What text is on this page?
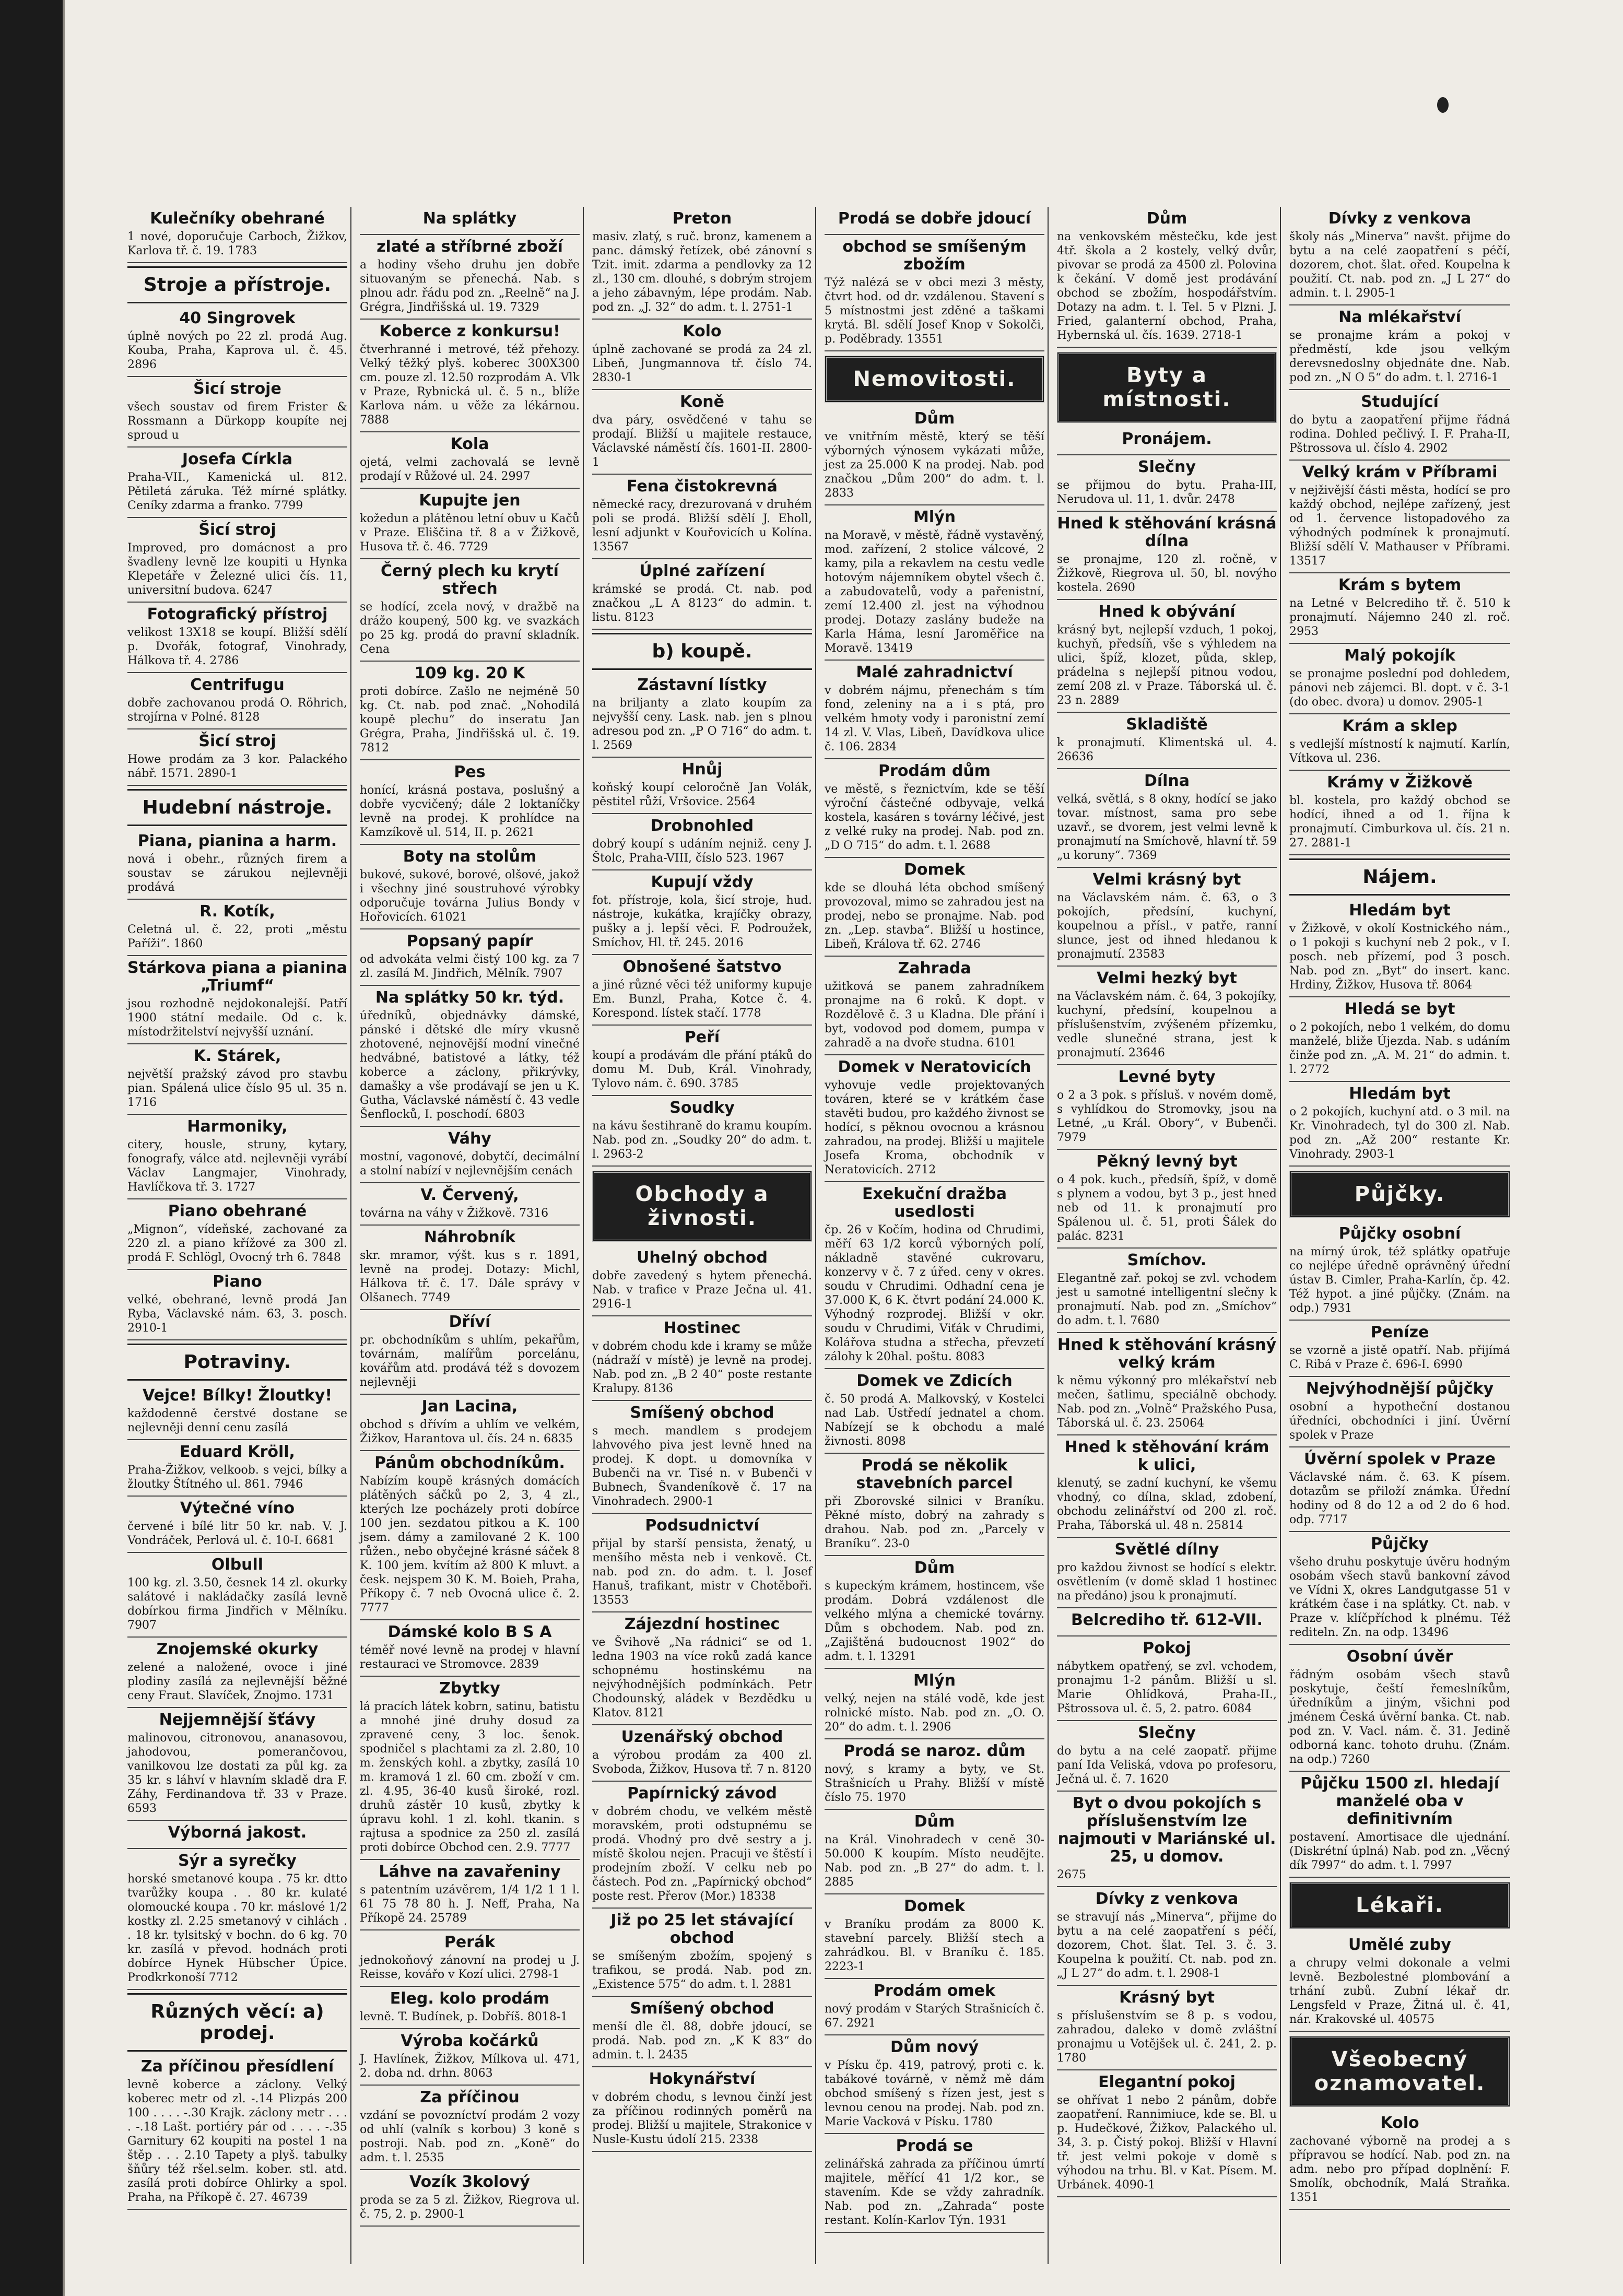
Kulečníky obehrané
1 nové, doporučuje Carboch, Žižkov, Karlova tř. č. 19. 1783
Stroje a přístroje.
40 Singrovek
úplně nových po 22 zl. prodá Aug. Kouba, Praha, Kaprova ul. č. 45. 2896
Šicí stroje
všech soustav od firem Frister & Rossmann a Dürkopp koupíte nej sproud u
Josefa Církla
Praha-VII., Kamenická ul. 812. Pětiletá záruka. Též mírné splátky. Ceníky zdarma a franko. 7799
Šicí stroj
Improved, pro domácnost a pro švadleny levně lze koupiti u Hynka Klepetáře v Železné ulici čís. 11, universitní budova. 6247
Fotografický přístroj
velikost 13X18 se koupí. Bližší sdělí p. Dvořák, fotograf, Vinohrady, Hálkova tř. 4. 2786
Centrifugu
dobře zachovanou prodá O. Röhrich, strojírna v Polné. 8128
Šicí stroj
Howe prodám za 3 kor. Palackého nábř. 1571. 2890-1
Hudební nástroje.
Piana, pianina a harm.
nová i obehr., různých firem a soustav se zárukou nejlevněji prodává
R. Kotík,
Celetná ul. č. 22, proti „městu Paříži“. 1860
Stárkova piana a pianina „Triumf“
jsou rozhodně nejdokonalejší. Patří 1900 státní medaile. Od c. k. místodržitelství nejvyšší uznání.
K. Stárek,
největší pražský závod pro stavbu pian. Spálená ulice číslo 95 ul. 35 n. 1716
Harmoniky,
citery, housle, struny, kytary, fonografy, válce atd. nejlevněji vyrábí Václav Langmajer, Vinohrady, Havlíčkova tř. 3. 1727
Piano obehrané
„Mignon“, vídeňské, zachované za 220 zl. a piano křížové za 300 zl. prodá F. Schlögl, Ovocný trh 6. 7848
Piano
velké, obehrané, levně prodá Jan Ryba, Václavské nám. 63, 3. posch. 2910-1
Potraviny.
Vejce! Bílky! Žloutky!
každodenně čerstvé dostane se nejlevněji denní cenu zasílá
Eduard Kröll,
Praha-Žižkov, velkoob. s vejci, bílky a žloutky Štítného ul. 861. 7946
Výtečné víno
červené i bílé litr 50 kr. nab. V. J. Vondráček, Perlová ul. č. 10-I. 6681
Olbull
100 kg. zl. 3.50, česnek 14 zl. okurky salátové i nakládačky zasílá levně dobírkou firma Jindřich v Mělníku. 7907
Znojemské okurky
zelené a naložené, ovoce i jiné plodiny zasílá za nejlevnější běžné ceny Fraut. Slavíček, Znojmo. 1731
Nejjemnější šťávy
malinovou, citronovou, ananasovou, jahodovou, pomerančovou, vanilkovou lze dostati za půl kg. za 35 kr. s láhví v hlavním skladě dra F. Záhy, Ferdinandova tř. 33 v Praze. 6593
Výborná jakost.
Sýr a syrečky
horské smetanové koupa . 75 kr. dtto tvarůžky koupa . . 80 kr. kulaté olomoucké koupa . 70 kr. máslové 1/2 kostky zl. 2.25 smetanový v cihlách . . 18 kr. tylsitský v bochn. do 6 kg. 70 kr. zasílá v převod. hodnách proti dobírce Hynek Hübscher Úpice. Prodkrkonoší 7712
Různých věcí: a) prodej.
Za příčinou přesídlení
levně koberce a záclony. Velký koberec metr od zl. -.14 Plizpás 200 100 . . . . -.30 Krajk. záclony metr . . . . -.18 Lašt. portiéry pár od . . . . -.35 Garnitury 62 koupiti na postel 1 na štěp . . . 2.10 Tapety a plyš. tabulky šňůry též ršel.selm. kober. stl. atd. zasílá proti dobírce Ohlirky a spol. Praha, na Příkopě č. 27. 46739
Na splátky
zlaté a stříbrné zboží
a hodiny všeho druhu jen dobře situovaným se přenechá. Nab. s plnou adr. řádu pod zn. „Reelně“ na J. Grégra, Jindřišská ul. 19. 7329
Koberce z konkursu!
čtverhranné i metrové, též přehozy. Velký těžký plyš. koberec 300X300 cm. pouze zl. 12.50 rozprodám A. Vlk v Praze, Rybnická ul. č. 5 n., blíže Karlova nám. u věže za lékárnou. 7888
Kola
ojetá, velmi zachovalá se levně prodají v Růžové ul. 24. 2997
Kupujte jen
kožedun a plátěnou letní obuv u Kačů v Praze. Eliščina tř. 8 a v Žižkově, Husova tř. č. 46. 7729
Černý plech ku krytí střech
se hodící, zcela nový, v dražbě na drážo koupený, 500 kg. ve svazkách po 25 kg. prodá do pravní skladník. Cena
109 kg. 20 K
proti dobírce. Zašlo ne nejméně 50 kg. Ct. nab. pod znač. „Nohodilá koupě plechu“ do inseratu Jan Grégra, Praha, Jindřišská ul. č. 19. 7812
Pes
honící, krásná postava, poslušný a dobře vycvičený; dále 2 loktaníčky levně na prodej. K prohlídce na Kamzíkově ul. 514, II. p. 2621
Boty na stolům
bukové, sukové, borové, olšové, jakož i všechny jiné soustruhové výrobky odporučuje továrna Julius Bondy v Hořovicích. 61021
Popsaný papír
od advokáta velmi čistý 100 kg. za 7 zl. zasílá M. Jindřich, Mělník. 7907
Na splátky 50 kr. týd.
úředníků, objednávky dámské, pánské i dětské dle míry vkusně zhotovené, nejnovější modní vinečné hedvábné, batistové a látky, též koberce a záclony, přikrývky, damašky a vše prodávají se jen u K. Gutha, Václavské náměstí č. 43 vedle Šenflocků, I. poschodí. 6803
Váhy
mostní, vagonové, dobytčí, decimální a stolní nabízí v nejlevnějším cenách
V. Červený,
továrna na váhy v Žižkově. 7316
Náhrobník
skr. mramor, výšt. kus s r. 1891, levně na prodej. Dotazy: Michl, Hálkova tř. č. 17. Dále správy v Olšanech. 7749
Dříví
pr. obchodníkům s uhlím, pekařům, továrnám, malířům porcelánu, kovářům atd. prodává též s dovozem nejlevněji
Jan Lacina,
obchod s dřívím a uhlím ve velkém, Žižkov, Harantova ul. čís. 24 n. 6835
Pánům obchodníkům.
Nabízím koupě krásných domácích plátěných sáčků po 2, 3, 4 zl., kterých lze pocházely proti dobírce 100 jen. sezdatou pitkou a K. 100 jsem. dámy a zamilované 2 K. 100 růžen., nebo obyčejné krásné sáček 8 K. 100 jem. kvítím až 800 K mluvt. a česk. nejspem 30 K. M. Boieh, Praha, Příkopy č. 7 neb Ovocná ulice č. 2. 7777
Dámské kolo B S A
téměř nové levně na prodej v hlavní restauraci ve Stromovce. 2839
Zbytky
lá pracích látek kobrn, satinu, batistu a mnohé jiné druhy dosud za zpravené ceny, 3 loc. šenok. spodničel s plachtami za zl. 2.80, 10 m. ženských kohl. a zbytky, zasílá 10 m. kramová 1 zl. 60 cm. zboží v cm. zl. 4.95, 36-40 kusů široké, rozl. druhů zástěr 10 kusů, zbytky k úpravu kohl. 1 zl. kohl. tkanin. s rajtusa a spodnice za 250 zl. zasílá proti dobírce Obchod cen. 2.9. 7777
Láhve na zavařeniny
s patentním uzávěrem, 1/4 1/2 1 1 l. 61 75 78 80 h. J. Neff, Praha, Na Příkopě 24. 25789
Perák
jednokoňový zánovní na prodej u J. Reisse, kovářo v Kozí ulici. 2798-1
Eleg. kolo prodám
levně. T. Budínek, p. Dobříš. 8018-1
Výroba kočárků
J. Havlínek, Žižkov, Mílkova ul. 471, 2. doba nd. drhn. 8063
Za příčinou
vzdání se povozníctví prodám 2 vozy od uhlí (valník s korbou) 3 koně s postroji. Nab. pod zn. „Koně“ do adm. t. l. 2535
Vozík 3kolový
proda se za 5 zl. Žižkov, Riegrova ul. č. 75, 2. p. 2900-1
Preton
masiv. zlatý, s ruč. bronz, kamenem a panc. dámský řetízek, obé zánovní s Tzit. imit. zdarma a pendlovky za 12 zl., 130 cm. dlouhé, s dobrým strojem a jeho zábavným, lépe prodám. Nab. pod zn. „J. 32“ do adm. t. l. 2751-1
Kolo
úplně zachované se prodá za 24 zl. Libeň, Jungmannova tř. číslo 74. 2830-1
Koně
dva páry, osvědčené v tahu se prodají. Bližší u majitele restauce, Václavské náměstí čís. 1601-II. 2800-1
Fena čistokrevná
německé racy, drezurovaná v druhém poli se prodá. Bližší sdělí J. Eholl, lesní adjunkt v Kouřovicích u Kolína. 13567
Úplné zařízení
krámské se prodá. Ct. nab. pod značkou „L A 8123“ do admin. t. listu. 8123
b) koupě.
Zástavní lístky
na briljanty a zlato koupím za nejvyšší ceny. Lask. nab. jen s plnou adresou pod zn. „P O 716“ do adm. t. l. 2569
Hnůj
koňský koupí celoročně Jan Volák, pěstitel růží, Vršovice. 2564
Drobnohled
dobrý koupí s udáním nejniž. ceny J. Štolc, Praha-VIII, číslo 523. 1967
Kupují vždy
fot. přístroje, kola, šicí stroje, hud. nástroje, kukátka, krajíčky obrazy, pušky a j. lepší věci. F. Podroužek, Smíchov, Hl. tř. 245. 2016
Obnošené šatstvo
a jiné různé věci též uniformy kupuje Em. Bunzl, Praha, Kotce č. 4. Korespond. lístek stačí. 1778
Peří
koupí a prodávám dle přání ptáků do domu M. Dub, Král. Vinohrady, Tylovo nám. č. 690. 3785
Soudky
na kávu šestihraně do kramu koupím. Nab. pod zn. „Soudky 20“ do adm. t. l. 2963-2
Obchody a živnosti.
Uhelný obchod
dobře zavedený s hytem přenechá. Nab. v trafice v Praze Ječna ul. 41. 2916-1
Hostinec
v dobrém chodu kde i kramy se může (nádraží v místě) je levně na prodej. Nab. pod zn. „B 2 40“ poste restante Kralupy. 8136
Smíšený obchod
s mech. mandlem s prodejem lahvového piva jest levně hned na prodej. K dopt. u domovníka v Bubenči na vr. Tisé n. v Bubenči v Bubnech, Švandeníkově č. 17 na Vinohradech. 2900-1
Podsudnictví
přijal by starší pensista, ženatý, u menšího města neb i venkově. Ct. nab. pod zn. do adm. t. l. Josef Hanuš, trafikant, mistr v Chotěboři. 13553
Zájezdní hostinec
ve Švihově „Na rádnici“ se od 1. ledna 1903 na více roků zadá kance schopnému hostinskému na nejvýhodnějších podmínkách. Petr Chodounský, aládek v Bezdědku u Klatov. 8121
Uzenářský obchod
a výrobou prodám za 400 zl. Svoboda, Žižkov, Husova tř. 7 n. 8120
Papírnický závod
v dobrém chodu, ve velkém městě moravském, proti odstupnému se prodá. Vhodný pro dvě sestry a j. místě školou nejen. Pracuji ve štěstí i prodejním zboží. V celku neb po částech. Pod zn. „Papírnický obchod“ poste rest. Přerov (Mor.) 18338
Již po 25 let stávající obchod
se smíšeným zbožím, spojený s trafikou, se prodá. Nab. pod zn. „Existence 575“ do adm. t. l. 2881
Smíšený obchod
menší dle čl. 88, dobře jdoucí, se prodá. Nab. pod zn. „K K 83“ do admin. t. l. 2435
Hokynářství
v dobrém chodu, s levnou činží jest za příčinou rodinných poměrů na prodej. Bližší u majitele, Strakonice v Nusle-Kustu údolí 215. 2338
Prodá se dobře jdoucí
obchod se smíšeným zbožím
Týž nalézá se v obci mezi 3 městy, čtvrt hod. od dr. vzdálenou. Stavení s 5 místnostmi jest zděné a taškami krytá. Bl. sdělí Josef Knop v Sokolči, p. Poděbrady. 13551
Nemovitosti.
Dům
ve vnitřním městě, který se těší výborných výnosem vykázati může, jest za 25.000 K na prodej. Nab. pod značkou „Dům 200“ do adm. t. l. 2833
Mlýn
na Moravě, v městě, řádně vystavěný, mod. zařízení, 2 stolice válcové, 2 kamy, pila a rekavlem na cestu vedle hotovým nájemníkem obytel všech č. a zabudovatelů, vody a pařenistní, zemí 12.400 zl. jest na výhodnou prodej. Dotazy zaslány budeže na Karla Háma, lesní Jaroměřice na Moravě. 13419
Malé zahradnictví
v dobrém nájmu, přenechám s tím fond, zeleniny na a i s ptá, pro velkém hmoty vody i paronistní zemí 14 zl. V. Vlas, Libeň, Davídkova ulice č. 106. 2834
Prodám dům
ve městě, s řeznictvím, kde se těší výroční částečné odbyvaje, velká kostela, kasáren s továrny léčivé, jest z velké ruky na prodej. Nab. pod zn. „D O 715“ do adm. t. l. 2688
Domek
kde se dlouhá léta obchod smíšený provozoval, mimo se zahradou jest na prodej, nebo se pronajme. Nab. pod zn. „Lep. stavba“. Bližší u hostince, Libeň, Králova tř. 62. 2746
Zahrada
užitková se panem zahradníkem pronajme na 6 roků. K dopt. v Rozdělově č. 3 u Kladna. Dle přání i byt, vodovod pod domem, pumpa v zahradě a na dvoře studna. 6101
Domek v Neratovicích
vyhovuje vedle projektovaných továren, které se v krátkém čase stavěti budou, pro každého živnost se hodící, s pěknou ovocnou a krásnou zahradou, na prodej. Bližší u majitele Josefa Kroma, obchodník v Neratovicích. 2712
Exekuční dražba usedlosti
čp. 26 v Kočím, hodina od Chrudimi, měří 63 1/2 korců výborných polí, nákladně stavěné cukrovaru, konzervy v č. 7 z úřed. ceny v okres. soudu v Chrudimi. Odhadní cena je 37.000 K, 6 K. čtvrt podání 24.000 K. Výhodný rozprodej. Bližší v okr. soudu v Chrudimi, Viťák v Chrudimi, Kolářova studna a střecha, převzetí zálohy k 20hal. poštu. 8083
Domek ve Zdicích
č. 50 prodá A. Malkovský, v Kostelci nad Lab. Ústředí jednatel a chom. Nabízejí se k obchodu a malé živnosti. 8098
Prodá se několik stavebních parcel
při Zborovské silnici v Braníku. Pěkné místo, dobrý na zahrady s drahou. Nab. pod zn. „Parcely v Braníku“. 23-0
Dům
s kupeckým krámem, hostincem, vše prodám. Dobrá vzdálenost dle velkého mlýna a chemické továrny. Dům s obchodem. Nab. pod zn. „Zajištěná budoucnost 1902“ do adm. t. l. 13291
Mlýn
velký, nejen na stálé vodě, kde jest rolnické místo. Nab. pod zn. „O. O. 20“ do adm. t. l. 2906
Prodá se naroz. dům
nový, s kramy a byty, ve St. Strašnicích u Prahy. Bližší v místě číslo 75. 1970
Dům
na Král. Vinohradech v ceně 30-50.000 K koupím. Místo neudějte. Nab. pod zn. „B 27“ do adm. t. l. 2885
Domek
v Braníku prodám za 8000 K. stavební parcely. Bližší stech a zahrádkou. Bl. v Braníku č. 185. 2223-1
Prodám omek
nový prodám v Starých Strašnicích č. 67. 2921
Dům nový
v Písku čp. 419, patrový, proti c. k. tabákové továrně, v němž mě dám obchod smíšený s řízen jest, jest s levnou cenou na prodej. Nab. pod zn. Marie Vacková v Písku. 1780
Prodá se
zelinářská zahrada za příčinou úmrtí majitele, měřící 41 1/2 kor., se stavením. Kde se vždy zahradník. Nab. pod zn. „Zahrada“ poste restant. Kolín-Karlov Týn. 1931
Dům
na venkovském městečku, kde jest 4tř. škola a 2 kostely, velký dvůr, pivovar se prodá za 4500 zl. Polovina k čekání. V domě jest prodávání obchod se zbožím, hospodářstvím. Dotazy na adm. t. l. Tel. 5 v Plzni. J. Fried, galanterní obchod, Praha, Hybernská ul. čís. 1639. 2718-1
Byty a místnosti.
Pronájem.
Slečny
se přijmou do bytu. Praha-III, Nerudova ul. 11, 1. dvůr. 2478
Hned k stěhování krásná dílna
se pronajme, 120 zl. ročně, v Žižkově, Riegrova ul. 50, bl. novýho kostela. 2690
Hned k obývání
krásný byt, nejlepší vzduch, 1 pokoj, kuchyň, předsíň, vše s výhledem na ulici, špíž, klozet, půda, sklep, prádelna s nejlepší pitnou vodou, zemí 208 zl. v Praze. Táborská ul. č. 23 n. 2889
Skladiště
k pronajmutí. Klimentská ul. 4. 26636
Dílna
velká, světlá, s 8 okny, hodící se jako tovar. místnost, sama pro sebe uzavř., se dvorem, jest velmi levně k pronajmutí na Smíchově, hlavní tř. 59 „u koruny“. 7369
Velmi krásný byt
na Václavském nám. č. 63, o 3 pokojích, předsíní, kuchyní, koupelnou a přísl., v patře, ranní slunce, jest od ihned hledanou k pronajmutí. 23583
Velmi hezký byt
na Václavském nám. č. 64, 3 pokojíky, kuchyní, předsíní, koupelnou a příslušenstvím, zvýšeném přízemku, vedle slunečné strana, jest k pronajmutí. 23646
Levné byty
o 2 a 3 pok. s přísluš. v novém domě, s vyhlídkou do Stromovky, jsou na Letné, „u Král. Obory“, v Bubenči. 7979
Pěkný levný byt
o 4 pok. kuch., předsíň, špíž, v domě s plynem a vodou, byt 3 p., jest hned neb od 11. k pronajmutí pro Spálenou ul. č. 51, proti Šálek do palác. 8231
Smíchov.
Elegantně zař. pokoj se zvl. vchodem jest u samotné intelligentní slečny k pronajmutí. Nab. pod zn. „Smíchov“ do adm. t. l. 7680
Hned k stěhování krásný velký krám
k němu výkonný pro mlékařství neb mečen, šatlimu, speciálně obchody. Nab. pod zn. „Volně“ Pražského Pusa, Táborská ul. č. 23. 25064
Hned k stěhování krám k ulici,
klenutý, se zadní kuchyní, ke všemu vhodný, co dílna, sklad, zdobení, obchodu zelinářství od 200 zl. roč. Praha, Táborská ul. 48 n. 25814
Světlé dílny
pro každou živnost se hodící s elektr. osvětlením (v domě sklad 1 hostinec na předáno) jsou k pronajmutí.
Belcrediho tř. 612-VII.
Pokoj
nábytkem opatřený, se zvl. vchodem, pronajmu 1-2 pánům. Bližší u sl. Marie Ohlídková, Praha-II., Pštrossova ul. č. 5, 2. patro. 6084
Slečny
do bytu a na celé zaopatř. přijme paní Ida Veliská, vdova po profesoru, Ječná ul. č. 7. 1620
Byt o dvou pokojích s příslušenstvím lze najmouti v Mariánské ul. 25, u domov.
2675
Dívky z venkova
se stravují nás „Minerva“, přijme do bytu a na celé zaopatření s péčí, dozorem, Chot. šlat. Tel. 3. č. 3. Koupelna k použití. Ct. nab. pod zn. „J L 27“ do adm. t. l. 2908-1
Krásný byt
s příslušenstvím se 8 p. s vodou, zahradou, daleko v domě zvláštní pronajmu u Votějšek ul. č. 241, 2. p. 1780
Elegantní pokoj
se ohřívat 1 nebo 2 pánům, dobře zaopatření. Rannimiuce, kde se. Bl. u p. Hudečkové, Žižkov, Palackého ul. 34, 3. p. Čistý pokoj. Bližší v Hlavní tř. jest velmi pokoje v domě s výhodou na trhu. Bl. v Kat. Písem. M. Urbánek. 4090-1
Dívky z venkova
školy nás „Minerva“ navšt. přijme do bytu a na celé zaopatření s péčí, dozorem, chot. šlat. ořed. Koupelna k použití. Ct. nab. pod zn. „J L 27“ do admin. t. l. 2905-1
Na mlékařství
se pronajme krám a pokoj v předměstí, kde jsou velkým derevsnedoslny objednáte dne. Nab. pod zn. „N O 5“ do adm. t. l. 2716-1
Studující
do bytu a zaopatření přijme řádná rodina. Dohled pečlivý. I. F. Praha-II, Pštrossova ul. číslo 4. 2902
Velký krám v Příbrami
v nejživější části města, hodící se pro každý obchod, nejlépe zařízený, jest od 1. července listopadového za výhodných podmínek k pronajmutí. Bližší sdělí V. Mathauser v Příbrami. 13517
Krám s bytem
na Letné v Belcrediho tř. č. 510 k pronajmutí. Nájemno 240 zl. roč. 2953
Malý pokojík
se pronajme poslední pod dohledem, pánovi neb zájemci. Bl. dopt. v č. 3-1 (do obec. dvora) u domov. 2905-1
Krám a sklep
s vedlejší místností k najmutí. Karlín, Vítkova ul. 236.
Krámy v Žižkově
bl. kostela, pro každý obchod se hodící, ihned a od 1. října k pronajmutí. Cimburkova ul. čís. 21 n. 27. 2881-1
Nájem.
Hledám byt
v Žižkově, v okolí Kostnického nám., o 1 pokoji s kuchyní neb 2 pok., v I. posch. neb přízemí, pod 3 posch. Nab. pod zn. „Byt“ do insert. kanc. Hrdiny, Žižkov, Husova tř. 8064
Hledá se byt
o 2 pokojích, nebo 1 velkém, do domu manželé, bliže Újezda. Nab. s udáním činže pod zn. „A. M. 21“ do admin. t. l. 2772
Hledám byt
o 2 pokojích, kuchyní atd. o 3 mil. na Kr. Vinohradech, tyl do 300 zl. Nab. pod zn. „Až 200“ restante Kr. Vinohrady. 2903-1
Půjčky.
Půjčky osobní
na mírný úrok, též splátky opatřuje co nejlépe úředně oprávněný úřední ústav B. Cimler, Praha-Karlín, čp. 42. Též hypot. a jiné půjčky. (Znám. na odp.) 7931
Peníze
se vzorně a jistě opatří. Nab. přijímá C. Ribá v Praze č. 696-I. 6990
Nejvýhodnější půjčky
osobní a hypotheční dostanou úředníci, obchodníci i jiní. Úvěrní spolek v Praze
Úvěrní spolek v Praze
Václavské nám. č. 63. K písem. dotazům se přiloží známka. Úřední hodiny od 8 do 12 a od 2 do 6 hod. odp. 7717
Půjčky
všeho druhu poskytuje úvěru hodným osobám všech stavů bankovní závod ve Vídni X, okres Landgutgasse 51 v krátkém čase i na splátky. Ct. nab. v Praze v. klíčpříchod k plnému. Též rediteln. Zn. na odp. 13496
Osobní úvěr
řádným osobám všech stavů poskytuje, čeští řemeslníkům, úředníkům a jiným, všichni pod jménem Česká úvěrní banka. Ct. nab. pod zn. V. Vacl. nám. č. 31. Jedině odborná kanc. tohoto druhu. (Znám. na odp.) 7260
Půjčku 1500 zl. hledají manželé oba v definitivním
postavení. Amortisace dle ujednání. (Diskrétní úplná) Nab. pod zn. „Věcný dík 7997“ do adm. t. l. 7997
Lékaři.
Umělé zuby
a chrupy velmi dokonale a velmi levně. Bezbolestné plombování a trhání zubů. Zubní lékař dr. Lengsfeld v Praze, Žitná ul. č. 41, nár. Krakovské ul. 40575
Všeobecný oznamovatel.
Kolo
zachované výborně na prodej a s přípravou se hodící. Nab. pod zn. na adm. nebo pro případ doplnění: F. Smolík, obchodník, Malá Straňka. 1351
